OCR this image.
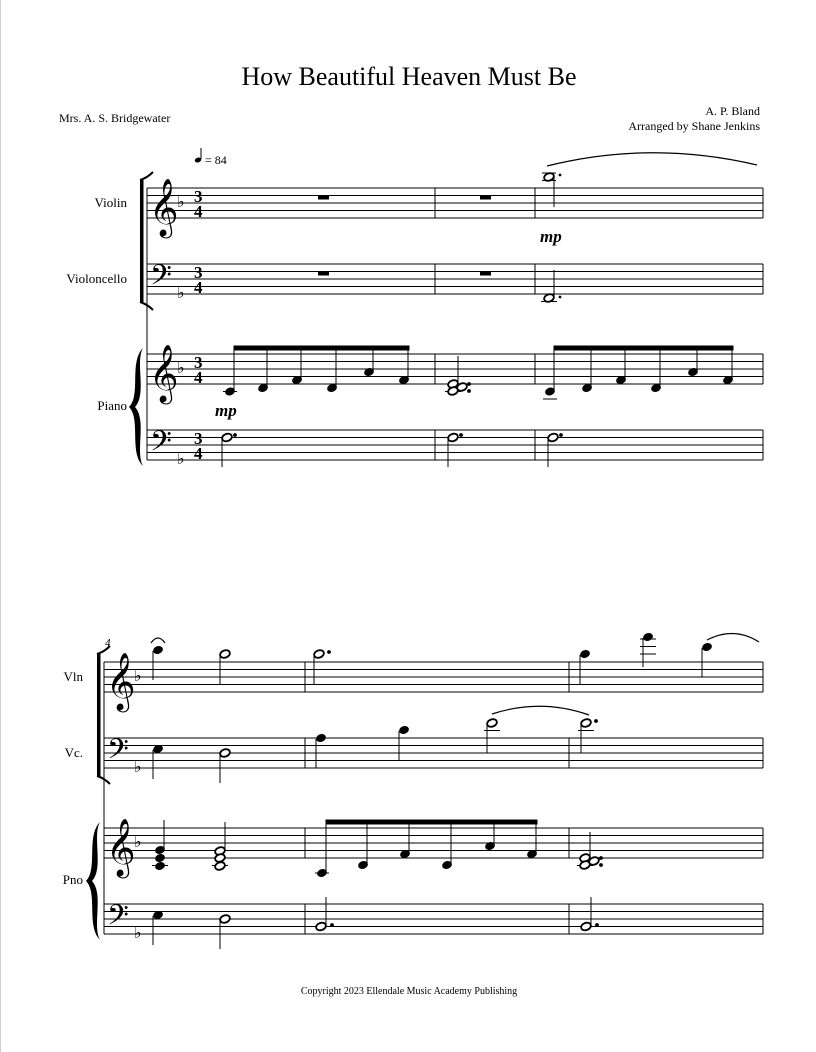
How Beautiful Heaven Must Be
Mrs. A. S. Bridgewater	A. P. Bland
Arranged by Shane Jenkins
= 84
Violin
Violoncello
Piano
𝄞
𝄢
𝄞
𝄢
♭
♭
♭
♭
3
4
3
4
3
4
3
4
mp
mp
4
Vln
Vc.
Pno
𝄞
𝄢
𝄞
𝄢
♭
♭
♭
♭
Copyright 2023 Ellendale Music Academy Publishing
